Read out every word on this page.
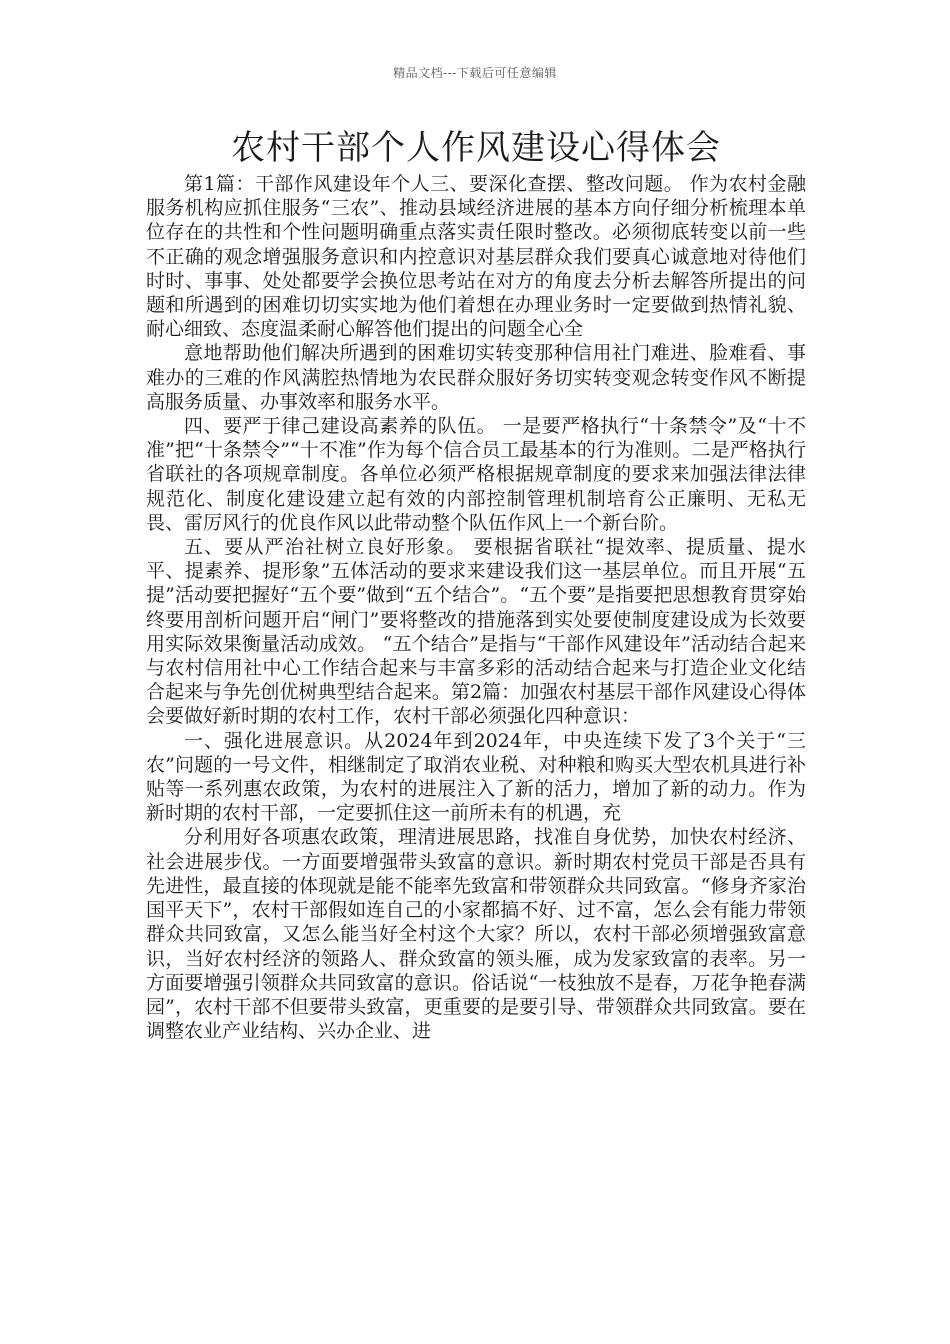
精品文档---下载后可任意编辑
农村干部个人作风建设心得体会

第1篇：干部作风建设年个人三、要深化查摆、整改问题。 作为农村金融服务机构应抓住服务“三农”、推动县域经济进展的基本方向仔细分析梳理本单位存在的共性和个性问题明确重点落实责任限时整改。必须彻底转变以前一些不正确的观念增强服务意识和内控意识对基层群众我们要真心诚意地对待他们时时、事事、处处都要学会换位思考站在对方的角度去分析去解答所提出的问题和所遇到的困难切切实实地为他们着想在办理业务时一定要做到热情礼貌、耐心细致、态度温柔耐心解答他们提出的问题全心全

意地帮助他们解决所遇到的困难切实转变那种信用社门难进、脸难看、事难办的三难的作风满腔热情地为农民群众服好务切实转变观念转变作风不断提高服务质量、办事效率和服务水平。

四、要严于律己建设高素养的队伍。 一是要严格执行“十条禁令”及“十不准”把“十条禁令”“十不准”作为每个信合员工最基本的行为准则。二是严格执行省联社的各项规章制度。各单位必须严格根据规章制度的要求来加强法律法律规范化、制度化建设建立起有效的内部控制管理机制培育公正廉明、无私无畏、雷厉风行的优良作风以此带动整个队伍作风上一个新台阶。

五、要从严治社树立良好形象。 要根据省联社“提效率、提质量、提水平、提素养、提形象”五体活动的要求来建设我们这一基层单位。而且开展“五提”活动要把握好“五个要”做到“五个结合”。“五个要”是指要把思想教育贯穿始终要用剖析问题开启“闸门”要将整改的措施落到实处要使制度建设成为长效要用实际效果衡量活动成效。 “五个结合”是指与“干部作风建设年”活动结合起来与农村信用社中心工作结合起来与丰富多彩的活动结合起来与打造企业文化结合起来与争先创优树典型结合起来。第2篇：加强农村基层干部作风建设心得体会要做好新时期的农村工作，农村干部必须强化四种意识：

一、强化进展意识。从2024年到2024年，中央连续下发了3个关于“三农”问题的一号文件，相继制定了取消农业税、对种粮和购买大型农机具进行补贴等一系列惠农政策，为农村的进展注入了新的活力，增加了新的动力。作为新时期的农村干部，一定要抓住这一前所未有的机遇，充

分利用好各项惠农政策，理清进展思路，找准自身优势，加快农村经济、社会进展步伐。一方面要增强带头致富的意识。新时期农村党员干部是否具有先进性，最直接的体现就是能不能率先致富和带领群众共同致富。“修身齐家治国平天下”，农村干部假如连自己的小家都搞不好、过不富，怎么会有能力带领群众共同致富，又怎么能当好全村这个大家？所以，农村干部必须增强致富意识，当好农村经济的领路人、群众致富的领头雁，成为发家致富的表率。另一方面要增强引领群众共同致富的意识。俗话说“一枝独放不是春，万花争艳春满园”，农村干部不但要带头致富，更重要的是要引导、带领群众共同致富。要在调整农业产业结构、兴办企业、进
